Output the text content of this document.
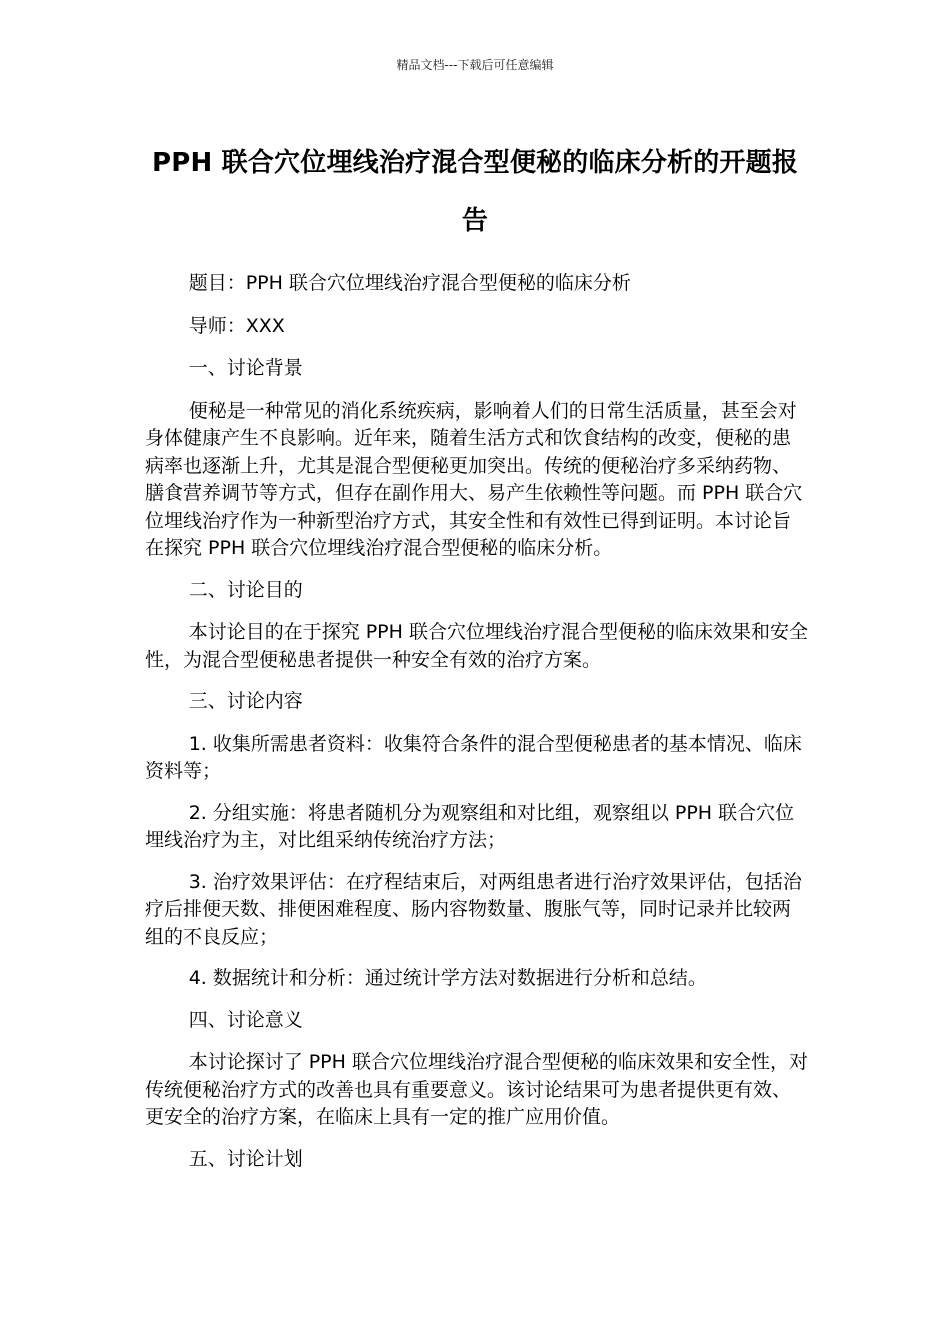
精品文档---下载后可任意编辑
PPH 联合穴位埋线治疗混合型便秘的临床分析的开题报告

题目：PPH 联合穴位埋线治疗混合型便秘的临床分析

导师：XXX

一、讨论背景

便秘是一种常见的消化系统疾病，影响着人们的日常生活质量，甚至会对身体健康产生不良影响。近年来，随着生活方式和饮食结构的改变，便秘的患病率也逐渐上升，尤其是混合型便秘更加突出。传统的便秘治疗多采纳药物、膳食营养调节等方式，但存在副作用大、易产生依赖性等问题。而 PPH 联合穴位埋线治疗作为一种新型治疗方式，其安全性和有效性已得到证明。本讨论旨在探究 PPH 联合穴位埋线治疗混合型便秘的临床分析。

二、讨论目的

本讨论目的在于探究 PPH 联合穴位埋线治疗混合型便秘的临床效果和安全性，为混合型便秘患者提供一种安全有效的治疗方案。

三、讨论内容

1. 收集所需患者资料：收集符合条件的混合型便秘患者的基本情况、临床资料等；

2. 分组实施：将患者随机分为观察组和对比组，观察组以 PPH 联合穴位埋线治疗为主，对比组采纳传统治疗方法；

3. 治疗效果评估：在疗程结束后，对两组患者进行治疗效果评估，包括治疗后排便天数、排便困难程度、肠内容物数量、腹胀气等，同时记录并比较两组的不良反应；

4. 数据统计和分析：通过统计学方法对数据进行分析和总结。

四、讨论意义

本讨论探讨了 PPH 联合穴位埋线治疗混合型便秘的临床效果和安全性，对传统便秘治疗方式的改善也具有重要意义。该讨论结果可为患者提供更有效、更安全的治疗方案，在临床上具有一定的推广应用价值。

五、讨论计划
